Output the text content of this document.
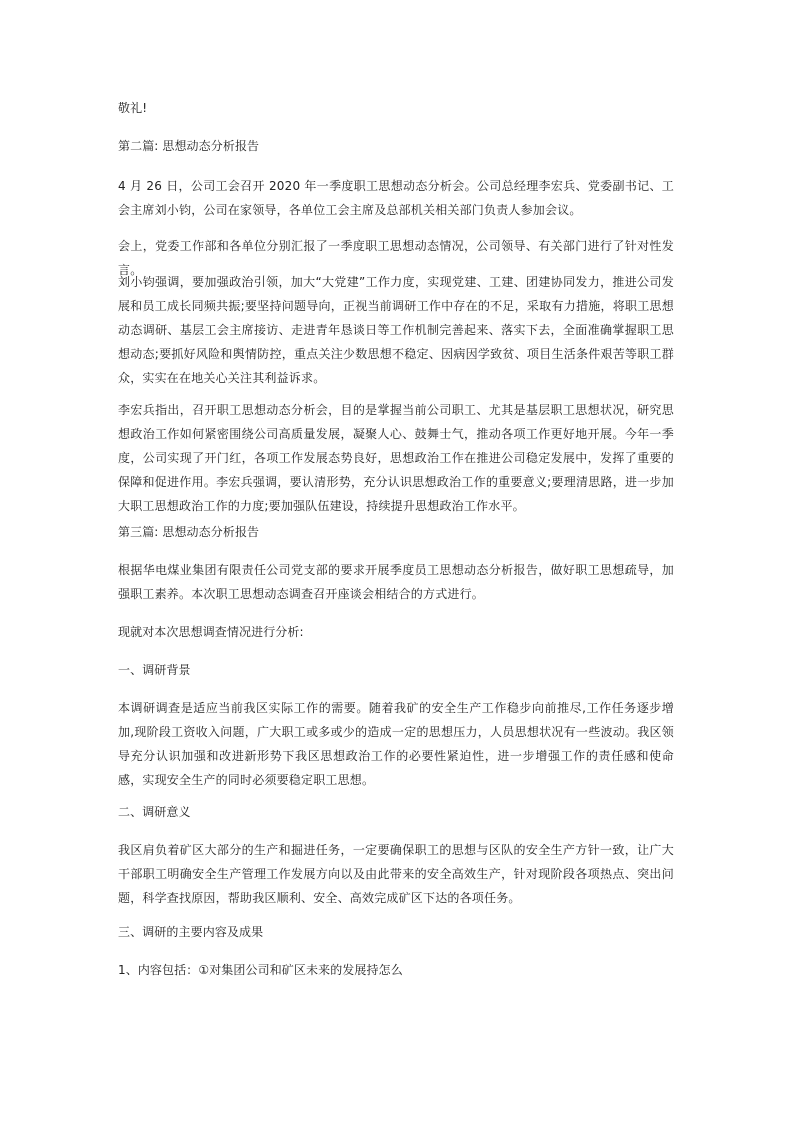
敬礼!
第二篇: 思想动态分析报告
4 月 26 日，公司工会召开 2020 年一季度职工思想动态分析会。公司总经理李宏兵、党委副书记、工会主席刘小钧，公司在家领导，各单位工会主席及总部机关相关部门负责人参加会议。
会上，党委工作部和各单位分别汇报了一季度职工思想动态情况，公司领导、有关部门进行了针对性发言。
刘小钧强调，要加强政治引领，加大“大党建”工作力度，实现党建、工建、团建协同发力，推进公司发展和员工成长同频共振;要坚持问题导向，正视当前调研工作中存在的不足，采取有力措施，将职工思想动态调研、基层工会主席接访、走进青年恳谈日等工作机制完善起来、落实下去，全面准确掌握职工思想动态;要抓好风险和舆情防控，重点关注少数思想不稳定、因病因学致贫、项目生活条件艰苦等职工群众，实实在在地关心关注其利益诉求。
李宏兵指出，召开职工思想动态分析会，目的是掌握当前公司职工、尤其是基层职工思想状况，研究思想政治工作如何紧密围绕公司高质量发展，凝聚人心、鼓舞士气，推动各项工作更好地开展。今年一季度，公司实现了开门红，各项工作发展态势良好，思想政治工作在推进公司稳定发展中，发挥了重要的保障和促进作用。李宏兵强调，要认清形势，充分认识思想政治工作的重要意义;要理清思路，进一步加大职工思想政治工作的力度;要加强队伍建设，持续提升思想政治工作水平。
第三篇: 思想动态分析报告
根据华电煤业集团有限责任公司党支部的要求开展季度员工思想动态分析报告，做好职工思想疏导，加强职工素养。本次职工思想动态调查召开座谈会相结合的方式进行。
现就对本次思想调查情况进行分析:
一、调研背景
本调研调查是适应当前我区实际工作的需要。随着我矿的安全生产工作稳步向前推尽,工作任务逐步增加,现阶段工资收入问题，广大职工或多或少的造成一定的思想压力，人员思想状况有一些波动。我区领导充分认识加强和改进新形势下我区思想政治工作的必要性紧迫性，进一步增强工作的责任感和使命感，实现安全生产的同时必须要稳定职工思想。
二、调研意义
我区肩负着矿区大部分的生产和掘进任务，一定要确保职工的思想与区队的安全生产方针一致，让广大干部职工明确安全生产管理工作发展方向以及由此带来的安全高效生产，针对现阶段各项热点、突出问题，科学查找原因，帮助我区顺利、安全、高效完成矿区下达的各项任务。
三、调研的主要内容及成果
1、内容包括：①对集团公司和矿区未来的发展持怎么
